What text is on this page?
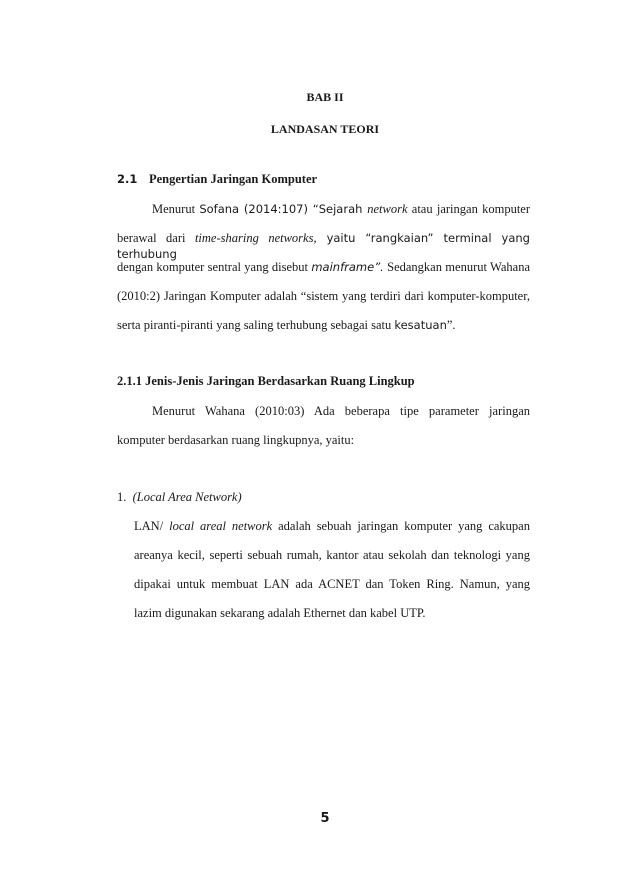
BAB II
LANDASAN TEORI
2.1 Pengertian Jaringan Komputer
Menurut Sofana (2014:107) “Sejarah network atau jaringan komputer
berawal dari time-sharing networks, yaitu “rangkaian” terminal yang terhubung
dengan komputer sentral yang disebut mainframe”. Sedangkan menurut Wahana
(2010:2) Jaringan Komputer adalah “sistem yang terdiri dari komputer-komputer,
serta piranti-piranti yang saling terhubung sebagai satu kesatuan”.
2.1.1 Jenis-Jenis Jaringan Berdasarkan Ruang Lingkup
Menurut Wahana (2010:03) Ada beberapa tipe parameter jaringan
komputer berdasarkan ruang lingkupnya, yaitu:
1. (Local Area Network)
LAN/ local areal network adalah sebuah jaringan komputer yang cakupan
areanya kecil, seperti sebuah rumah, kantor atau sekolah dan teknologi yang
dipakai untuk membuat LAN ada ACNET dan Token Ring. Namun, yang
lazim digunakan sekarang adalah Ethernet dan kabel UTP.
5
